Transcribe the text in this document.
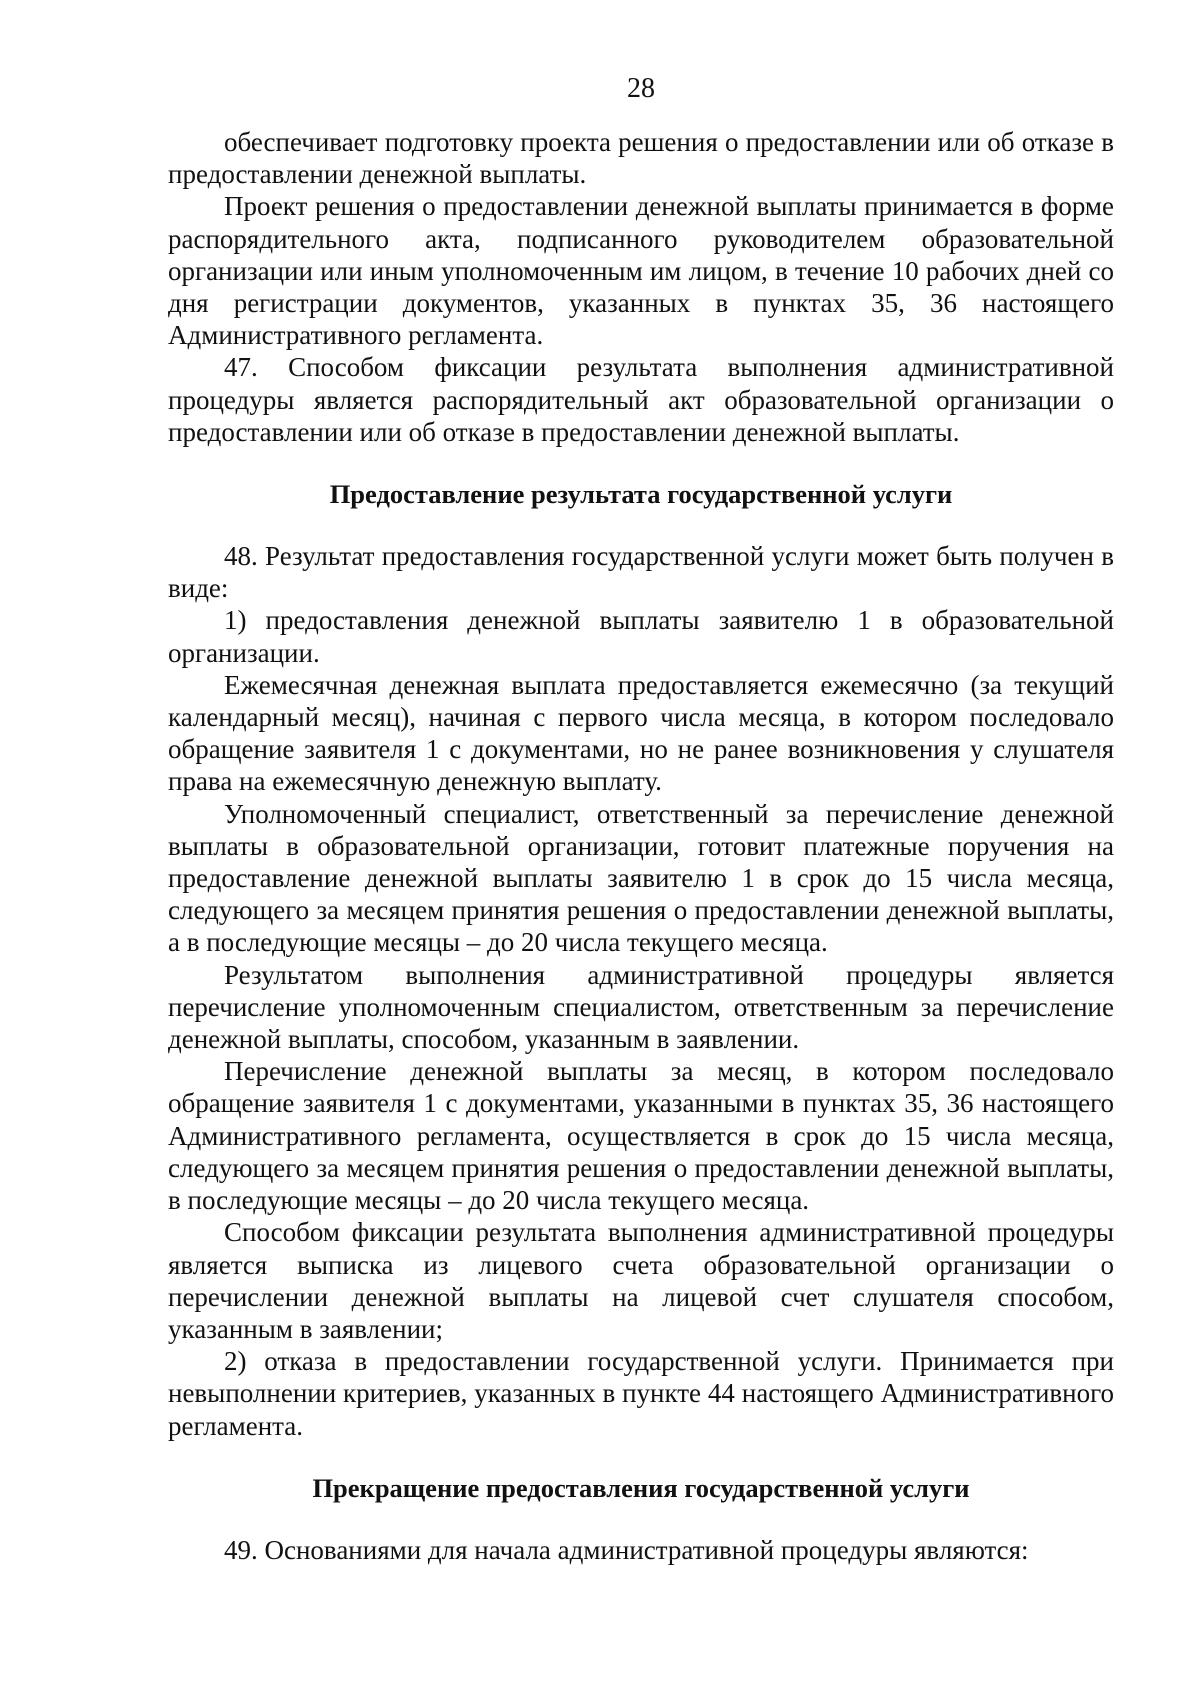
28

обеспечивает подготовку проекта решения о предоставлении или об отказе в предоставлении денежной выплаты.

Проект решения о предоставлении денежной выплаты принимается в форме распорядительного акта, подписанного руководителем образовательной организации или иным уполномоченным им лицом, в течение 10 рабочих дней со дня регистрации документов, указанных в пунктах 35, 36 настоящего Административного регламента.

47. Способом фиксации результата выполнения административной процедуры является распорядительный акт образовательной организации о предоставлении или об отказе в предоставлении денежной выплаты.

Предоставление результата государственной услуги

48. Результат предоставления государственной услуги может быть получен в виде:

1) предоставления денежной выплаты заявителю 1 в образовательной организации.

Ежемесячная денежная выплата предоставляется ежемесячно (за текущий календарный месяц), начиная с первого числа месяца, в котором последовало обращение заявителя 1 с документами, но не ранее возникновения у слушателя права на ежемесячную денежную выплату.

Уполномоченный специалист, ответственный за перечисление денежной выплаты в образовательной организации, готовит платежные поручения на предоставление денежной выплаты заявителю 1 в срок до 15 числа месяца, следующего за месяцем принятия решения о предоставлении денежной выплаты, а в последующие месяцы – до 20 числа текущего месяца.

Результатом выполнения административной процедуры является перечисление уполномоченным специалистом, ответственным за перечисление денежной выплаты, способом, указанным в заявлении.

Перечисление денежной выплаты за месяц, в котором последовало обращение заявителя 1 с документами, указанными в пунктах 35, 36 настоящего Административного регламента, осуществляется в срок до 15 числа месяца, следующего за месяцем принятия решения о предоставлении денежной выплаты, в последующие месяцы – до 20 числа текущего месяца.

Способом фиксации результата выполнения административной процедуры является выписка из лицевого счета образовательной организации о перечислении денежной выплаты на лицевой счет слушателя способом, указанным в заявлении;

2) отказа в предоставлении государственной услуги. Принимается при невыполнении критериев, указанных в пункте 44 настоящего Административного регламента.

Прекращение предоставления государственной услуги

49. Основаниями для начала административной процедуры являются:
